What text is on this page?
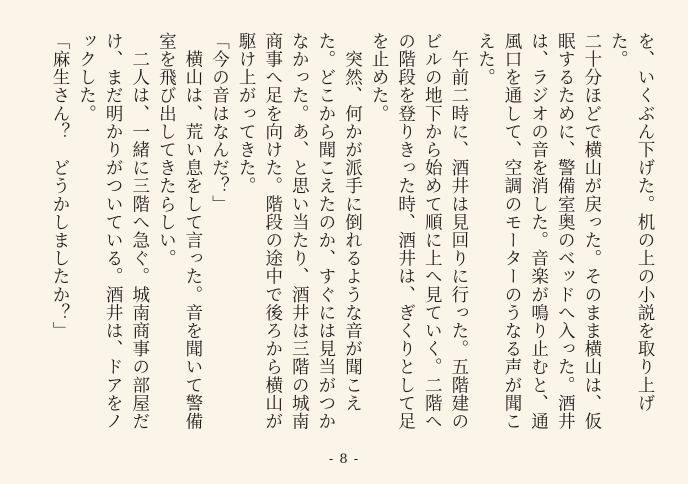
を、いくぶん下げた。机の上の小説を取り上げた。

二十分ほどで横山が戻った。そのまま横山は、仮眠するために、警備室奥のベッドへ入った。酒井は、ラジオの音を消した。音楽が鳴り止むと、通風口を通して、空調のモーターのうなる声が聞こえた。

　午前二時に、酒井は見回りに行った。五階建のビルの地下から始めて順に上へ見ていく。二階への階段を登りきった時、酒井は、ぎくりとして足を止めた。

　突然、何かが派手に倒れるような音が聞こえた。どこから聞こえたのか、すぐには見当がつかなかった。あ、と思い当たり、酒井は三階の城南商事へ足を向けた。階段の途中で後ろから横山が駆け上がってきた。

「今の音はなんだ？」

　横山は、荒い息をして言った。音を聞いて警備室を飛び出してきたらしい。

　二人は、一緒に三階へ急ぐ。城南商事の部屋だけ、まだ明かりがついている。酒井は、ドアをノックした。

「麻生さん？　どうかしましたか？」

- 8 -
